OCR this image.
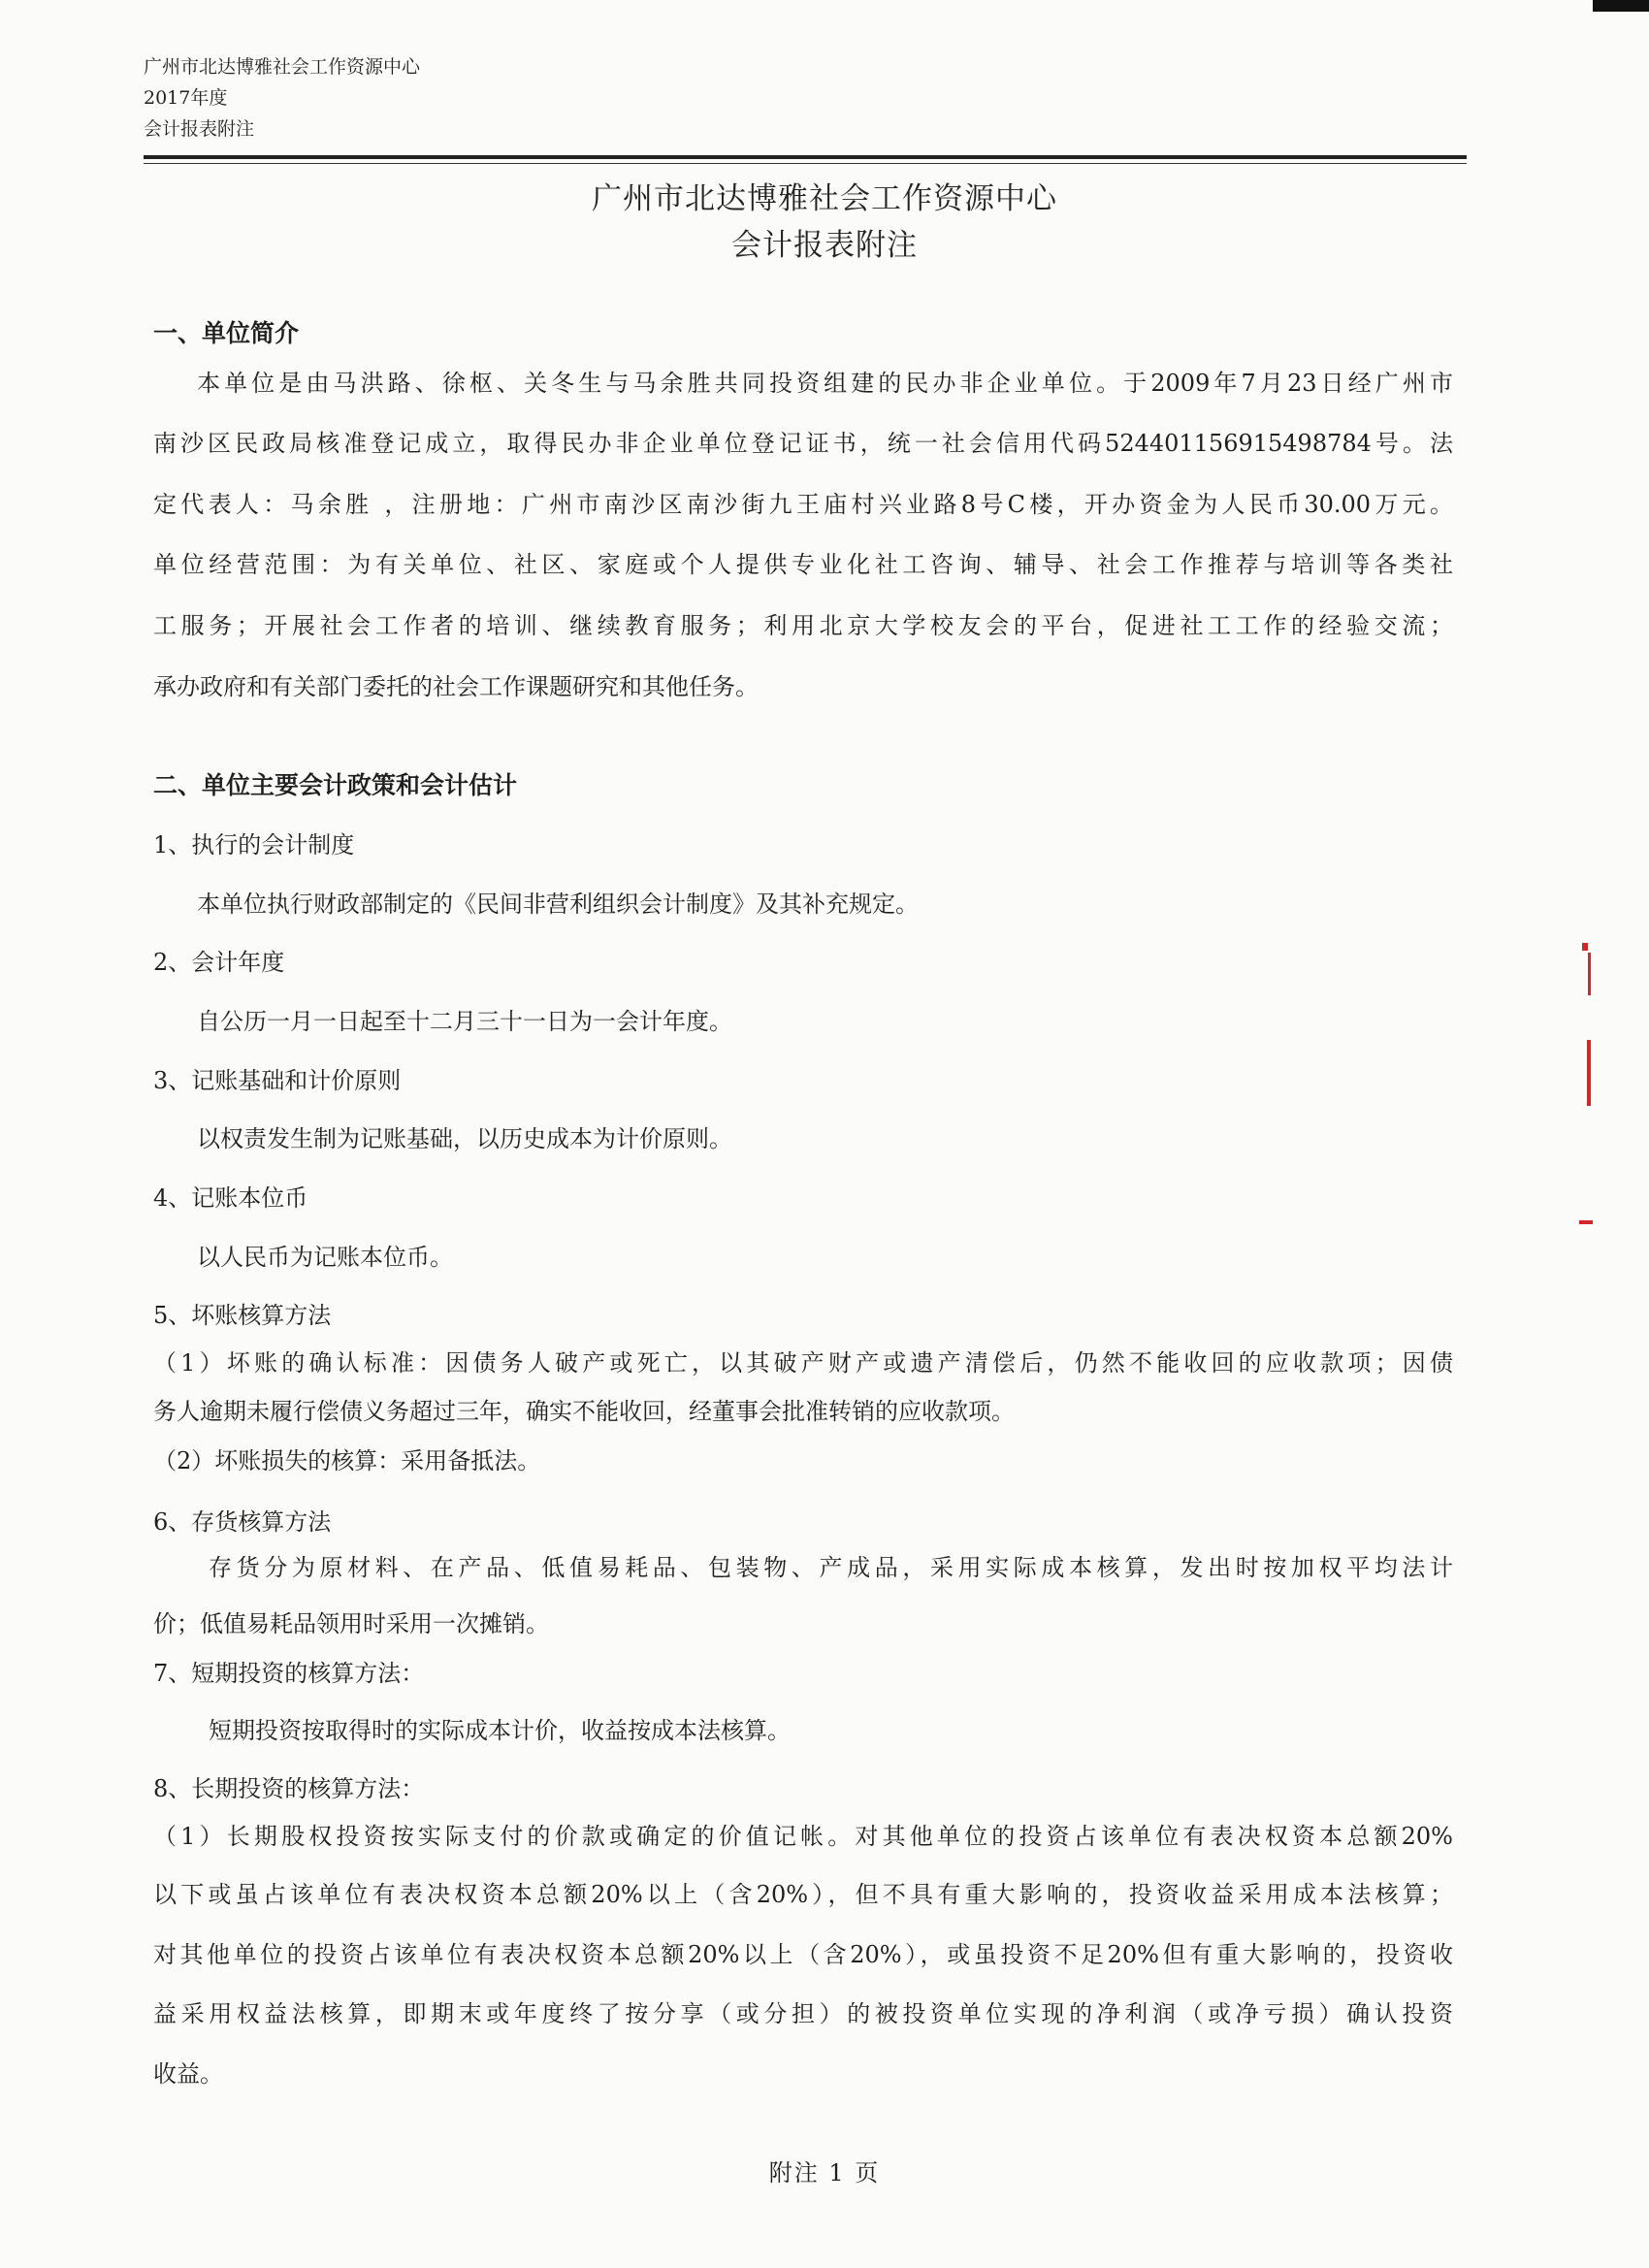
广州市北达博雅社会工作资源中心
2017年度
会计报表附注
广州市北达博雅社会工作资源中心
会计报表附注
一、单位简介
本单位是由马洪路、徐枢、关冬生与马余胜共同投资组建的民办非企业单位。于2009年7月23日经广州市
南沙区民政局核准登记成立，取得民办非企业单位登记证书，统一社会信用代码524401156915498784号。法
定代表人：马余胜 ，注册地：广州市南沙区南沙街九王庙村兴业路8号C楼，开办资金为人民币30.00万元。
单位经营范围：为有关单位、社区、家庭或个人提供专业化社工咨询、辅导、社会工作推荐与培训等各类社
工服务；开展社会工作者的培训、继续教育服务；利用北京大学校友会的平台，促进社工工作的经验交流；
承办政府和有关部门委托的社会工作课题研究和其他任务。
二、单位主要会计政策和会计估计
1、执行的会计制度
本单位执行财政部制定的《民间非营利组织会计制度》及其补充规定。
2、会计年度
自公历一月一日起至十二月三十一日为一会计年度。
3、记账基础和计价原则
以权责发生制为记账基础，以历史成本为计价原则。
4、记账本位币
以人民币为记账本位币。
5、坏账核算方法
（1）坏账的确认标准：因债务人破产或死亡，以其破产财产或遗产清偿后，仍然不能收回的应收款项；因债
务人逾期未履行偿债义务超过三年，确实不能收回，经董事会批准转销的应收款项。
（2）坏账损失的核算：采用备抵法。
6、存货核算方法
存货分为原材料、在产品、低值易耗品、包装物、产成品，采用实际成本核算，发出时按加权平均法计
价；低值易耗品领用时采用一次摊销。
7、短期投资的核算方法：
短期投资按取得时的实际成本计价，收益按成本法核算。
8、长期投资的核算方法：
（1）长期股权投资按实际支付的价款或确定的价值记帐。对其他单位的投资占该单位有表决权资本总额20%
以下或虽占该单位有表决权资本总额20%以上（含20%），但不具有重大影响的，投资收益采用成本法核算；
对其他单位的投资占该单位有表决权资本总额20%以上（含20%），或虽投资不足20%但有重大影响的，投资收
益采用权益法核算，即期末或年度终了按分享（或分担）的被投资单位实现的净利润（或净亏损）确认投资
收益。
附注 1 页
